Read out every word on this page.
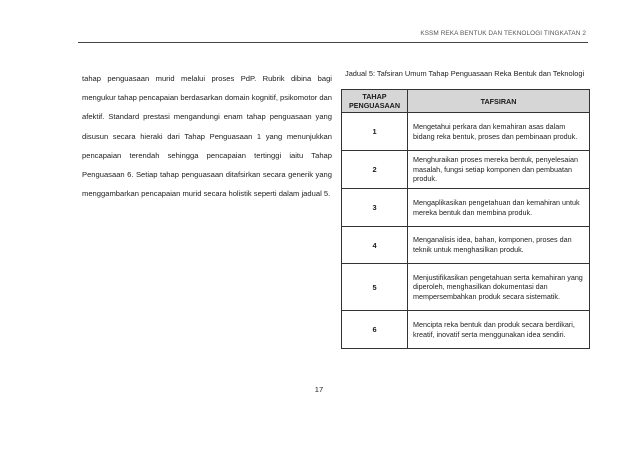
KSSM REKA BENTUK DAN TEKNOLOGI TINGKATAN 2

tahap penguasaan murid melalui proses PdP. Rubrik dibina bagi mengukur tahap pencapaian berdasarkan domain kognitif, psikomotor dan afektif. Standard prestasi mengandungi enam tahap penguasaan yang disusun secara hieraki dari Tahap Penguasaan 1 yang menunjukkan pencapaian terendah sehingga pencapaian tertinggi iaitu Tahap Penguasaan 6. Setiap tahap penguasaan ditafsirkan secara generik yang menggambarkan pencapaian murid secara holistik seperti dalam jadual 5.

Jadual 5: Tafsiran Umum Tahap Penguasaan Reka Bentuk dan Teknologi
TAHAP PENGUASAAN	TAFSIRAN
1	Mengetahui perkara dan kemahiran asas dalam bidang reka bentuk, proses dan pembinaan produk.
2	Menghuraikan proses mereka bentuk, penyelesaian masalah, fungsi setiap komponen dan pembuatan produk.
3	Mengaplikasikan pengetahuan dan kemahiran untuk mereka bentuk dan membina produk.
4	Menganalisis idea, bahan, komponen, proses dan teknik untuk menghasilkan produk.
5	Menjustifikasikan pengetahuan serta kemahiran yang diperoleh, menghasilkan dokumentasi dan mempersembahkan produk secara sistematik.
6	Mencipta reka bentuk dan produk secara berdikari, kreatif, inovatif serta menggunakan idea sendiri.
17
